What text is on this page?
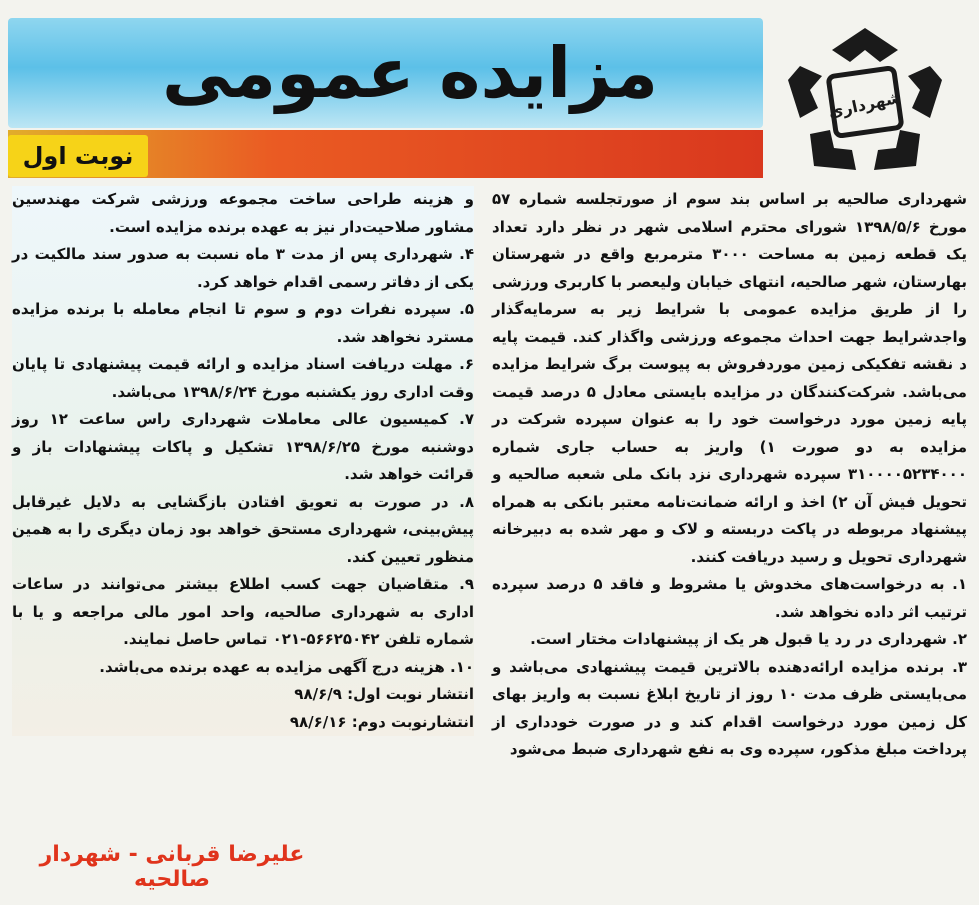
مزایده عمومی	شهرداری
نوبت اول

شهرداری صالحیه بر اساس بند سوم از صورتجلسه شماره ۵۷ مورخ ۱۳۹۸/۵/۶ شورای محترم اسلامی شهر در نظر دارد تعداد یک قطعه زمین به مساحت ۳۰۰۰ مترمربع واقع در شهرستان بهارستان، شهر صالحیه، انتهای خیابان ولیعصر با کاربری ورزشی را از طریق مزایده عمومی با شرایط زیر به سرمایه‌گذار واجدشرایط جهت احداث مجموعه ورزشی واگذار کند. قیمت پایه د نقشه تفکیکی زمین موردفروش به پیوست برگ شرایط مزایده می‌باشد. شرکت‌کنندگان در مزایده بایستی معادل ۵ درصد قیمت پایه زمین مورد درخواست خود را به عنوان سپرده شرکت در مزایده به دو صورت ۱) واریز به حساب جاری شماره ۳۱۰۰۰۰۵۲۳۴۰۰۰ سپرده شهرداری نزد بانک ملی شعبه صالحیه و تحویل فیش آن ۲) اخذ و ارائه ضمانت‌نامه معتبر بانکی به همراه پیشنهاد مربوطه در پاکت دربسته و لاک و مهر شده به دبیرخانه شهرداری تحویل و رسید دریافت کنند.

۱. به درخواست‌های مخدوش یا مشروط و فاقد ۵ درصد سپرده ترتیب اثر داده نخواهد شد.

۲. شهرداری در رد یا قبول هر یک از پیشنهادات مختار است.

۳. برنده مزایده ارائه‌دهنده بالاترین قیمت پیشنهادی می‌باشد و می‌بایستی ظرف مدت ۱۰ روز از تاریخ ابلاغ نسبت به واریز بهای کل زمین مورد درخواست اقدام کند و در صورت خودداری از پرداخت مبلغ مذکور، سپرده وی به نفع شهرداری ضبط می‌شود

و هزینه طراحی ساخت مجموعه ورزشی شرکت مهندسین مشاور صلاحیت‌دار نیز به عهده برنده مزایده است.

۴. شهرداری پس از مدت ۳ ماه نسبت به صدور سند مالکیت در یکی از دفاتر رسمی اقدام خواهد کرد.

۵. سپرده نفرات دوم و سوم تا انجام معامله با برنده مزایده مسترد نخواهد شد.

۶. مهلت دریافت اسناد مزایده و ارائه قیمت پیشنهادی تا پایان وقت اداری روز یکشنبه مورخ ۱۳۹۸/۶/۲۴ می‌باشد.

۷. کمیسیون عالی معاملات شهرداری راس ساعت ۱۲ روز دوشنبه مورخ ۱۳۹۸/۶/۲۵ تشکیل و پاکات پیشنهادات باز و قرائت خواهد شد.

۸. در صورت به تعویق افتادن بازگشایی به دلایل غیرقابل پیش‌بینی، شهرداری مستحق خواهد بود زمان دیگری را به همین منظور تعیین کند.

۹. متقاضیان جهت کسب اطلاع بیشتر می‌توانند در ساعات اداری به شهرداری صالحیه، واحد امور مالی مراجعه و یا با شماره تلفن ۵۶۶۲۵۰۴۲-۰۲۱ تماس حاصل نمایند.

۱۰. هزینه درج آگهی مزایده به عهده برنده می‌باشد.

انتشار نوبت اول: ۹۸/۶/۹

انتشارنوبت دوم: ۹۸/۶/۱۶

علیرضا قربانی - شهردار صالحیه
